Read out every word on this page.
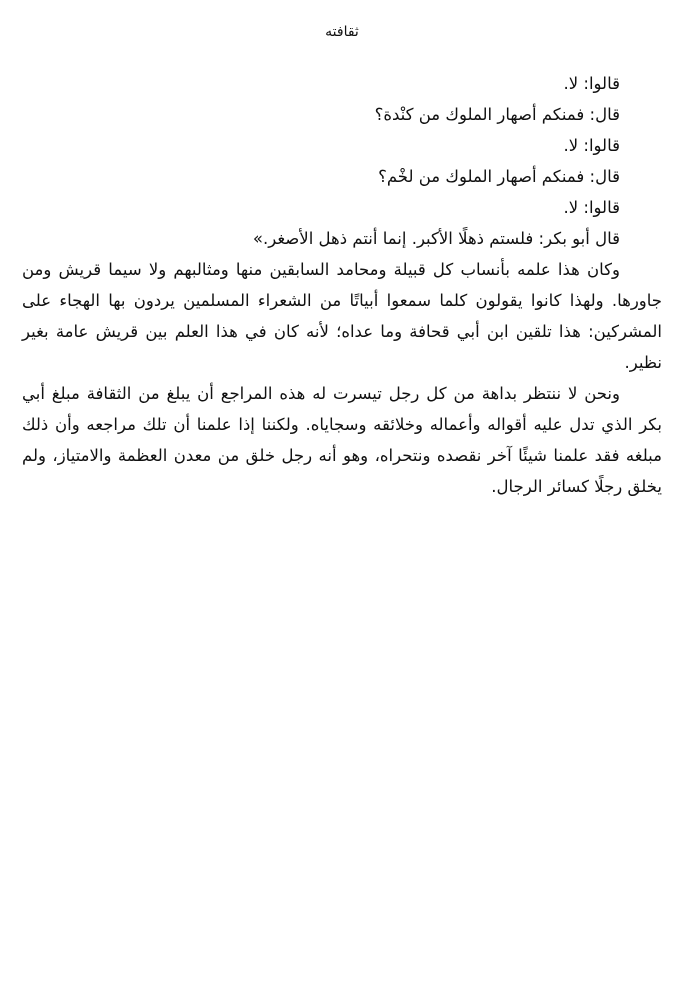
ثقافته

قالوا: لا.

قال: فمنكم أصهار الملوك من كنْدة؟

قالوا: لا.

قال: فمنكم أصهار الملوك من لخْم؟

قالوا: لا.

قال أبو بكر: فلستم ذهلًا الأكبر. إنما أنتم ذهل الأصغر.»

وكان هذا علمه بأنساب كل قبيلة ومحامد السابقين منها ومثالبهم ولا سيما قريش ومن جاورها. ولهذا كانوا يقولون كلما سمعوا أبياتًا من الشعراء المسلمين يردون بها الهجاء على المشركين: هذا تلقين ابن أبي قحافة وما عداه؛ لأنه كان في هذا العلم بين قريش عامة بغير نظير.

ونحن لا ننتظر بداهة من كل رجل تيسرت له هذه المراجع أن يبلغ من الثقافة مبلغ أبي بكر الذي تدل عليه أقواله وأعماله وخلائقه وسجاياه. ولكننا إذا علمنا أن تلك مراجعه وأن ذلك مبلغه فقد علمنا شيئًا آخر نقصده ونتحراه، وهو أنه رجل خلق من معدن العظمة والامتياز، ولم يخلق رجلًا كسائر الرجال.
